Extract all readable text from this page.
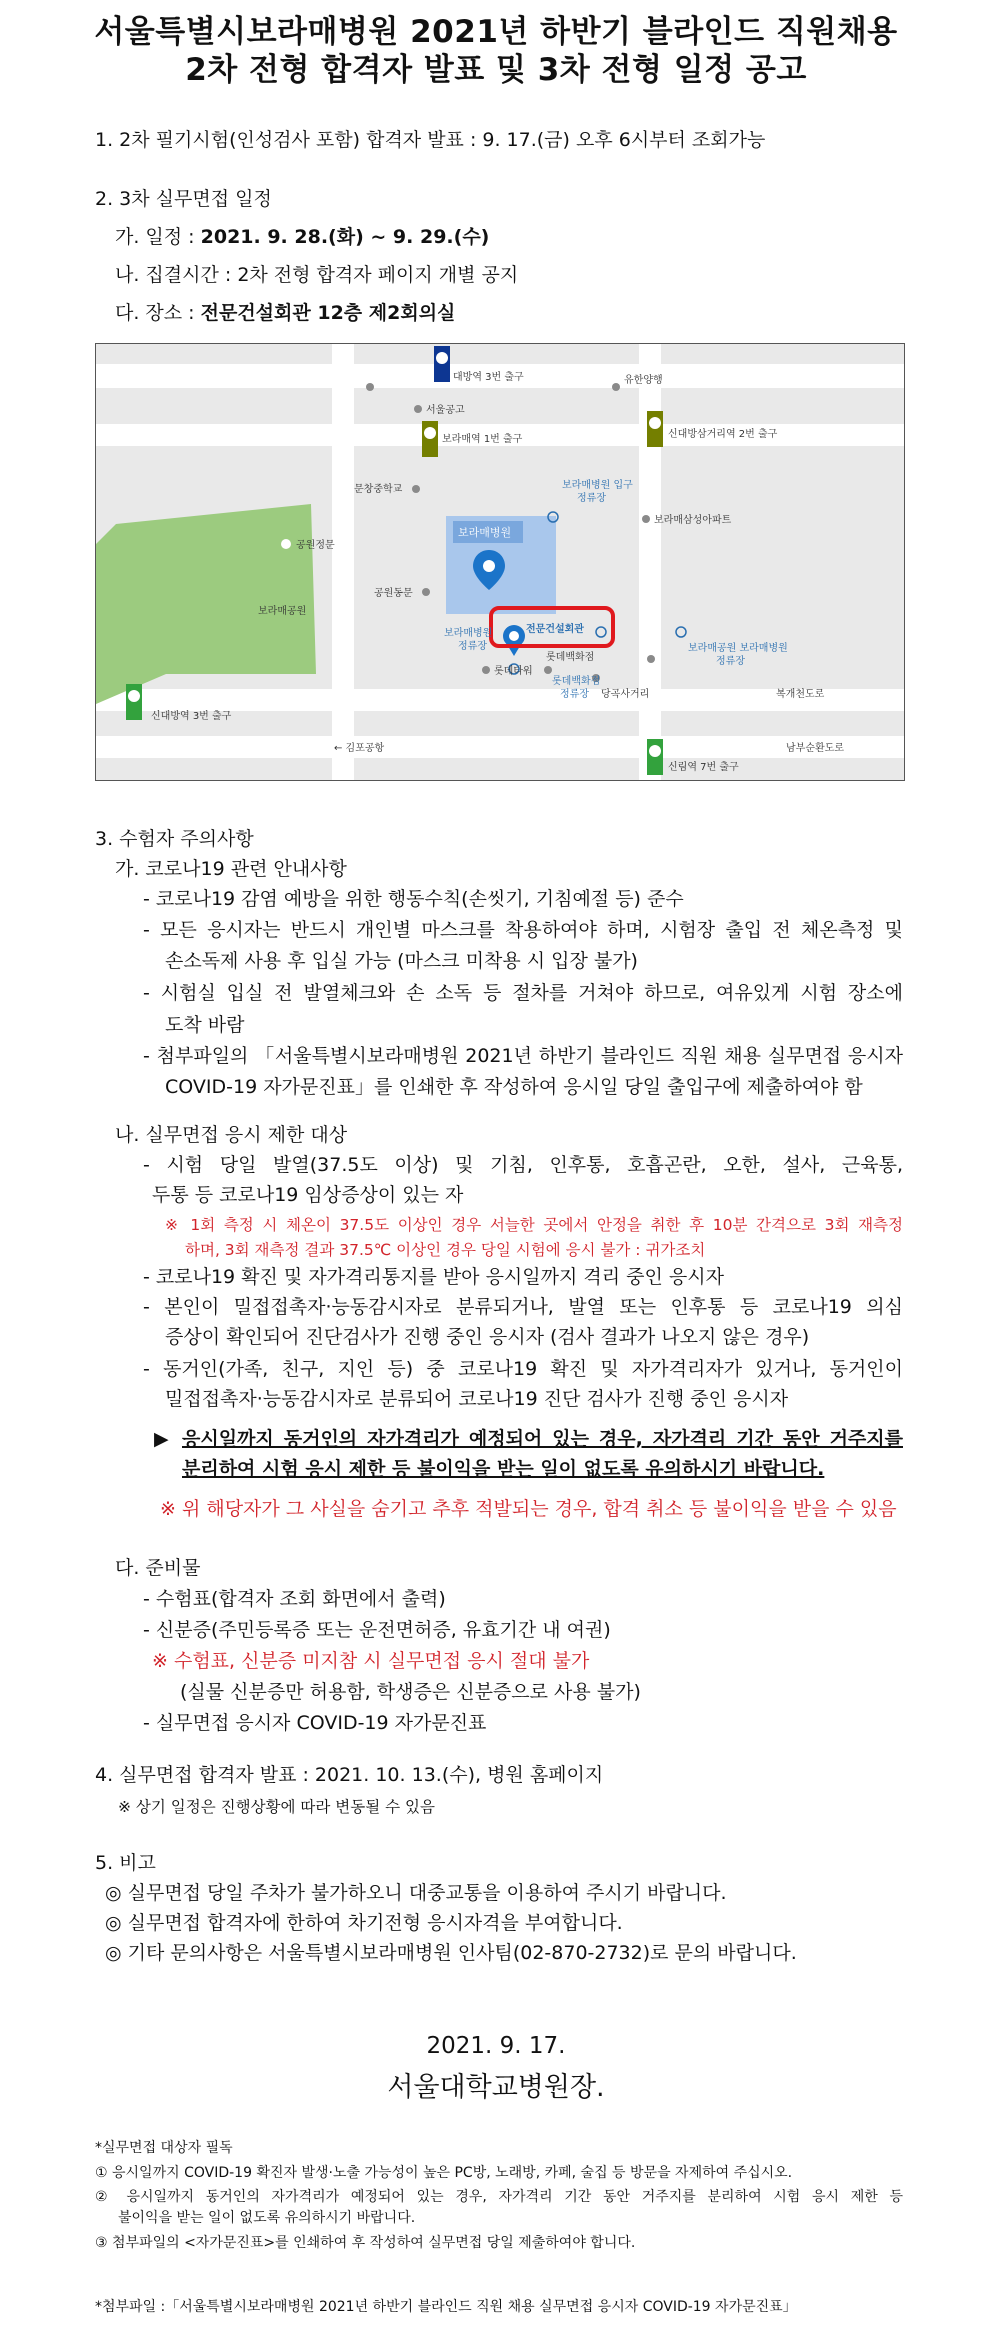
서울특별시보라매병원 2021년 하반기 블라인드 직원채용
2차 전형 합격자 발표 및 3차 전형 일정 공고
1. 2차 필기시험(인성검사 포함) 합격자 발표 : 9. 17.(금) 오후 6시부터 조회가능
2. 3차 실무면접 일정
가. 일정 : 2021. 9. 28.(화) ~ 9. 29.(수)
나. 집결시간 : 2차 전형 합격자 페이지 개별 공지
다. 장소 : 전문건설회관 12층 제2회의실
대방역 3번 출구	유한양행
서울공고
보라매역 1번 출구	신대방삼거리역 2번 출구
문창중학교	보라매병원 입구
정류장
보라매삼성아파트
공원정문
보라매병원
보라매공원
공원동문
전문건설회관
보라매병원
정류장
롯데백화점
보라매공원 보라매병원
정류장
롯데타워
롯데백화점
정류장 당곡사거리	복개천도로
신대방역 3번 출구
← 김포공항	남부순환도로
신림역 7번 출구
3. 수험자 주의사항
가. 코로나19 관련 안내사항
- 코로나19 감염 예방을 위한 행동수칙(손씻기, 기침예절 등) 준수
- 모든 응시자는 반드시 개인별 마스크를 착용하여야 하며, 시험장 출입 전 체온측정 및
손소독제 사용 후 입실 가능 (마스크 미착용 시 입장 불가)
- 시험실 입실 전 발열체크와 손 소독 등 절차를 거쳐야 하므로, 여유있게 시험 장소에
도착 바람
- 첨부파일의 「서울특별시보라매병원 2021년 하반기 블라인드 직원 채용 실무면접 응시자
COVID-19 자가문진표」를 인쇄한 후 작성하여 응시일 당일 출입구에 제출하여야 함
나. 실무면접 응시 제한 대상
- 시험 당일 발열(37.5도 이상) 및 기침, 인후통, 호흡곤란, 오한, 설사, 근육통,
두통 등 코로나19 임상증상이 있는 자
※ 1회 측정 시 체온이 37.5도 이상인 경우 서늘한 곳에서 안정을 취한 후 10분 간격으로 3회 재측정
하며, 3회 재측정 결과 37.5℃ 이상인 경우 당일 시험에 응시 불가 : 귀가조치
- 코로나19 확진 및 자가격리통지를 받아 응시일까지 격리 중인 응시자
- 본인이 밀접접촉자·능동감시자로 분류되거나, 발열 또는 인후통 등 코로나19 의심
증상이 확인되어 진단검사가 진행 중인 응시자 (검사 결과가 나오지 않은 경우)
- 동거인(가족, 친구, 지인 등) 중 코로나19 확진 및 자가격리자가 있거나, 동거인이
밀접접촉자·능동감시자로 분류되어 코로나19 진단 검사가 진행 중인 응시자
▶ 응시일까지 동거인의 자가격리가 예정되어 있는 경우, 자가격리 기간 동안 거주지를
분리하여 시험 응시 제한 등 불이익을 받는 일이 없도록 유의하시기 바랍니다.
※ 위 해당자가 그 사실을 숨기고 추후 적발되는 경우, 합격 취소 등 불이익을 받을 수 있음
다. 준비물
- 수험표(합격자 조회 화면에서 출력)
- 신분증(주민등록증 또는 운전면허증, 유효기간 내 여권)
※ 수험표, 신분증 미지참 시 실무면접 응시 절대 불가
(실물 신분증만 허용함, 학생증은 신분증으로 사용 불가)
- 실무면접 응시자 COVID-19 자가문진표
4. 실무면접 합격자 발표 : 2021. 10. 13.(수), 병원 홈페이지
※ 상기 일정은 진행상황에 따라 변동될 수 있음
5. 비고
◎ 실무면접 당일 주차가 불가하오니 대중교통을 이용하여 주시기 바랍니다.
◎ 실무면접 합격자에 한하여 차기전형 응시자격을 부여합니다.
◎ 기타 문의사항은 서울특별시보라매병원 인사팀(02-870-2732)로 문의 바랍니다.
2021. 9. 17.
서울대학교병원장.
*실무면접 대상자 필독
① 응시일까지 COVID-19 확진자 발생·노출 가능성이 높은 PC방, 노래방, 카페, 술집 등 방문을 자제하여 주십시오.
② 응시일까지 동거인의 자가격리가 예정되어 있는 경우, 자가격리 기간 동안 거주지를 분리하여 시험 응시 제한 등
불이익을 받는 일이 없도록 유의하시기 바랍니다.
③ 첨부파일의 <자가문진표>를 인쇄하여 후 작성하여 실무면접 당일 제출하여야 합니다.
*첨부파일 :「서울특별시보라매병원 2021년 하반기 블라인드 직원 채용 실무면접 응시자 COVID-19 자가문진표」
